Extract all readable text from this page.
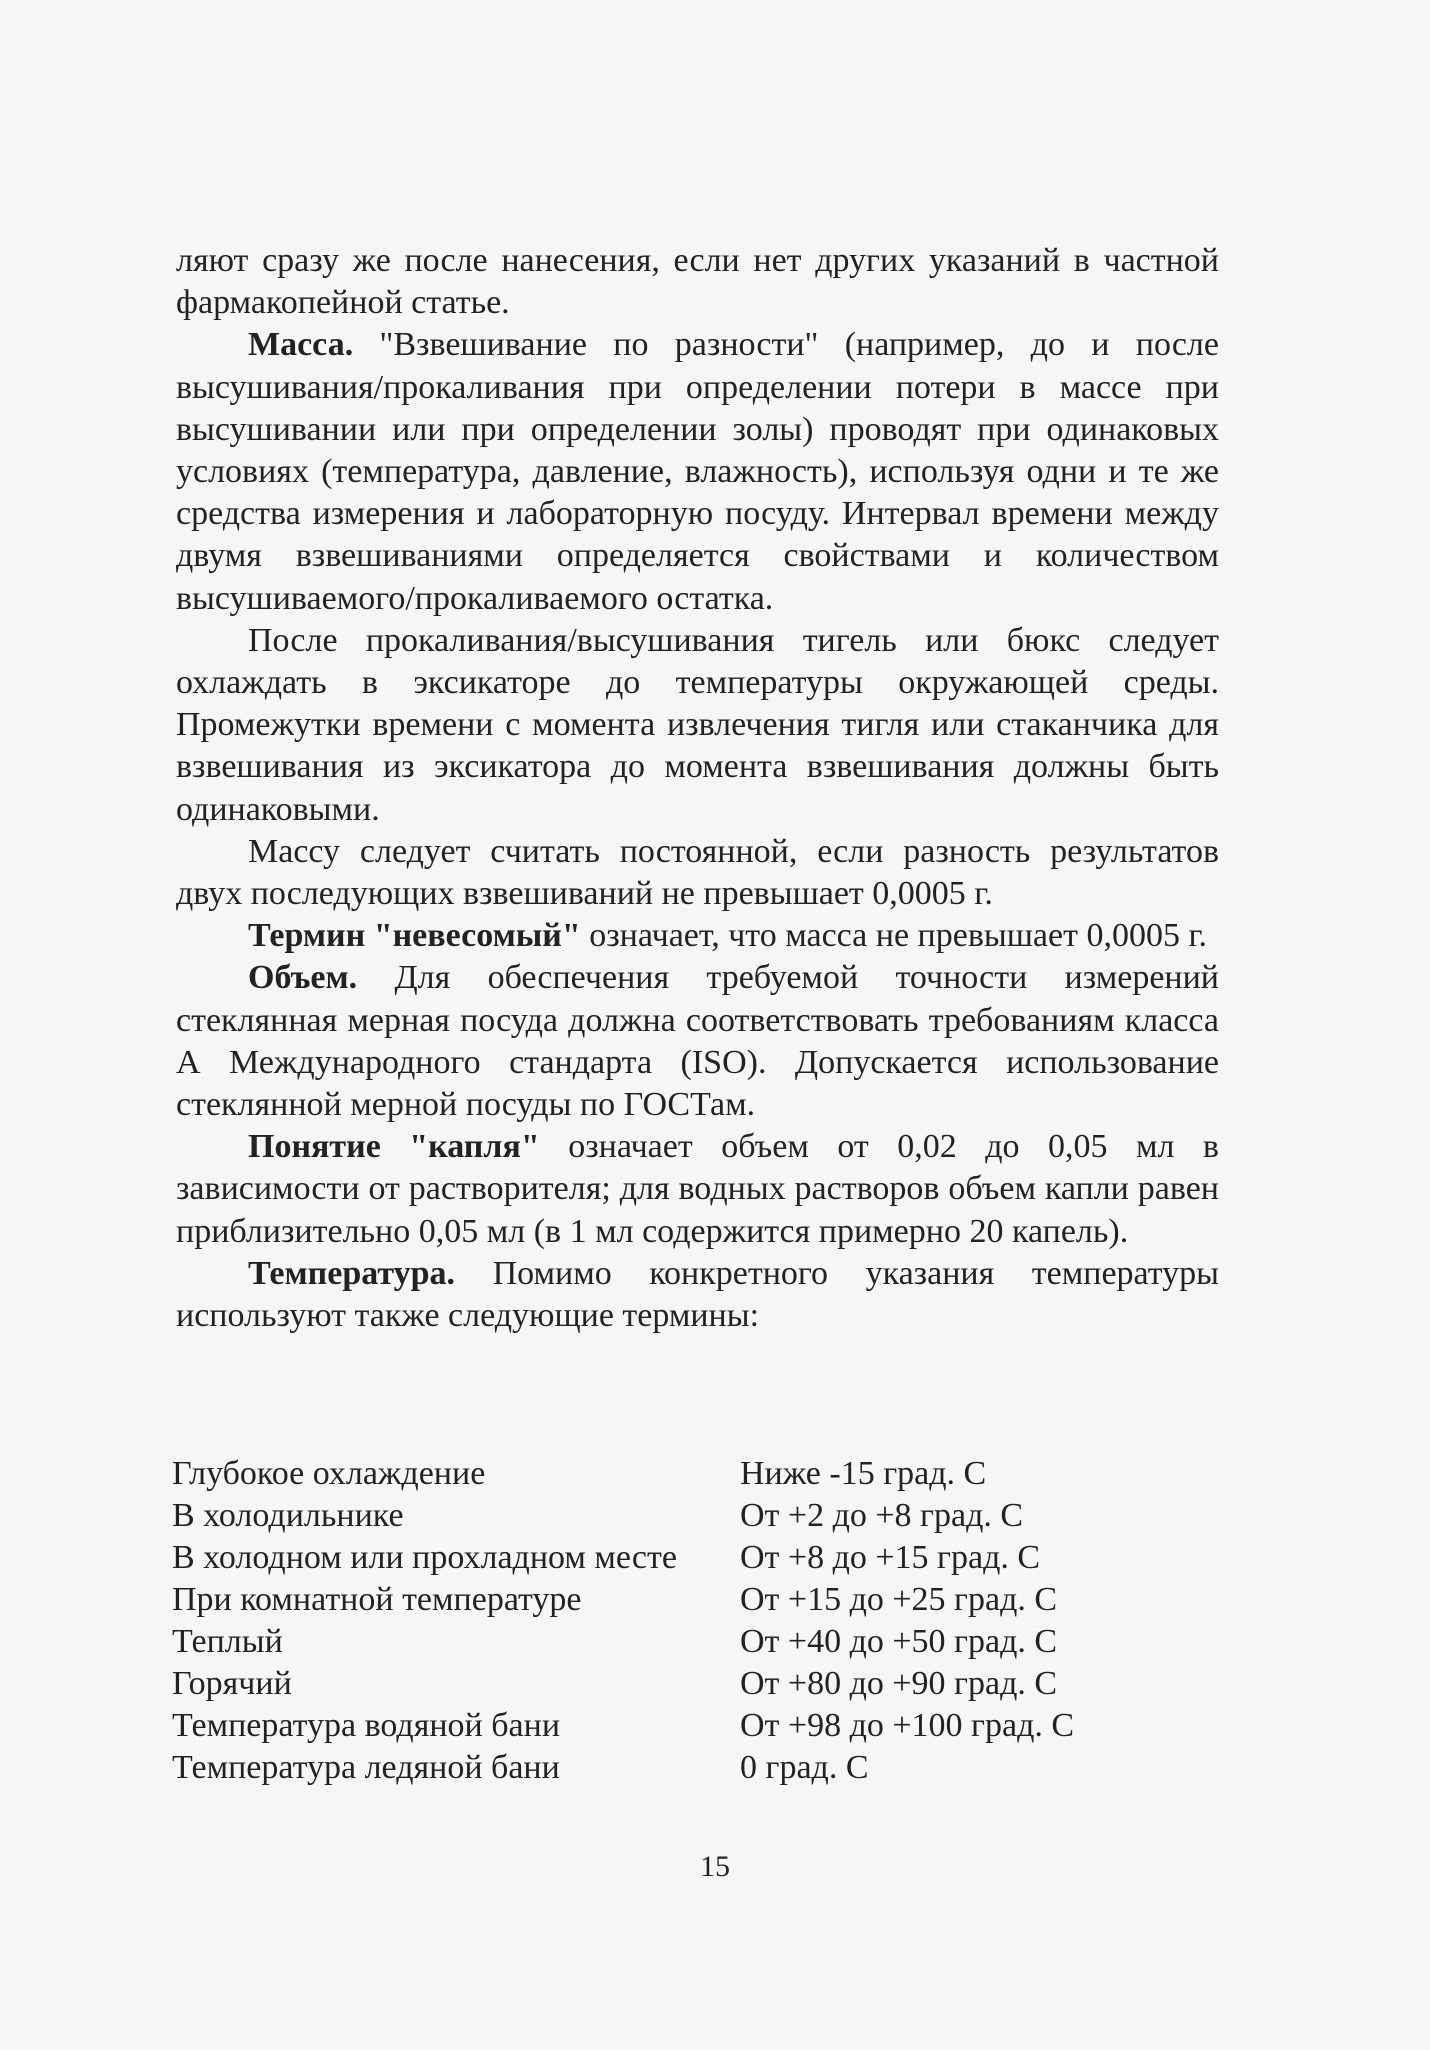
ляют сразу же после нанесения, если нет других указаний в частной фармакопейной статье.

Масса. "Взвешивание по разности" (например, до и после высушивания/прокаливания при определении потери в массе при высушивании или при определении золы) проводят при одинаковых условиях (температура, давление, влажность), используя одни и те же средства измерения и лабораторную посуду. Интервал времени между двумя взвешиваниями определяется свойствами и количеством высушиваемого/прокаливаемого остатка.

После прокаливания/высушивания тигель или бюкс следует охлаждать в эксикаторе до температуры окружающей среды. Промежутки времени с момента извлечения тигля или стаканчика для взвешивания из эксикатора до момента взвешивания должны быть одинаковыми.

Массу следует считать постоянной, если разность результатов двух последующих взвешиваний не превышает 0,0005 г.

Термин "невесомый" означает, что масса не превышает 0,0005 г.

Объем. Для обеспечения требуемой точности измерений стеклянная мерная посуда должна соответствовать требованиям класса А Международного стандарта (ISO). Допускается использование стеклянной мерной посуды по ГОСТам.

Понятие "капля" означает объем от 0,02 до 0,05 мл в зависимости от растворителя; для водных растворов объем капли равен приблизительно 0,05 мл (в 1 мл содержится примерно 20 капель).

Температура. Помимо конкретного указания температуры используют также следующие термины:

Глубокое охлаждение	Ниже -15 град. С
В холодильнике	От +2 до +8 град. С
В холодном или прохладном месте	От +8 до +15 град. С
При комнатной температуре	От +15 до +25 град. С
Теплый	От +40 до +50 град. С
Горячий	От +80 до +90 град. С
Температура водяной бани	От +98 до +100 град. С
Температура ледяной бани	0 град. С
15
